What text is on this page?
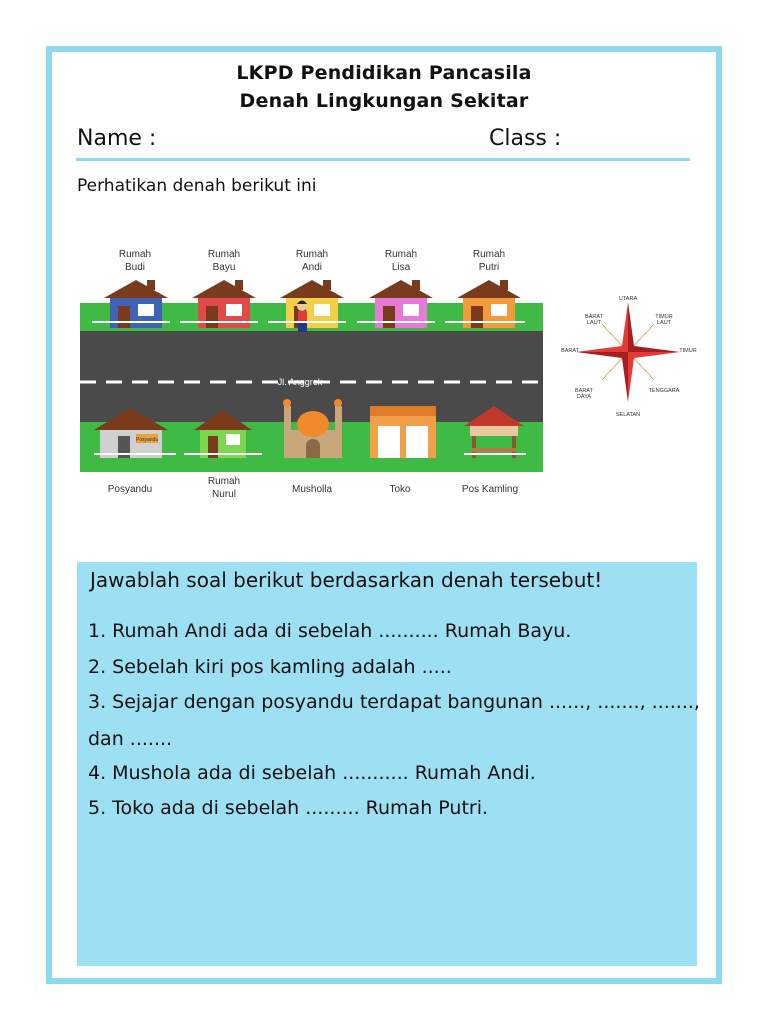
LKPD Pendidikan Pancasila
Denah Lingkungan Sekitar
Name :	Class :
Perhatikan denah berikut ini
Rumah
Budi
Rumah
Bayu
Rumah
Andi
Rumah
Lisa
Rumah
Putri
Jl. Anggrek
Posyandu
Posyandu
Rumah
Nurul	Musholla	Toko	Pos Kamling
UTARA
BARAT
LAUT
TIMUR
LAUT
BARAT	TIMUR
BARAT
DAYA
TENGGARA
SELATAN
Jawablah soal berikut berdasarkan denah tersebut!
1. Rumah Andi ada di sebelah .......... Rumah Bayu.
2. Sebelah kiri pos kamling adalah .....
3. Sejajar dengan posyandu terdapat bangunan ......, ......., .......,
dan .......
4. Mushola ada di sebelah ........... Rumah Andi.
5. Toko ada di sebelah ......... Rumah Putri.
